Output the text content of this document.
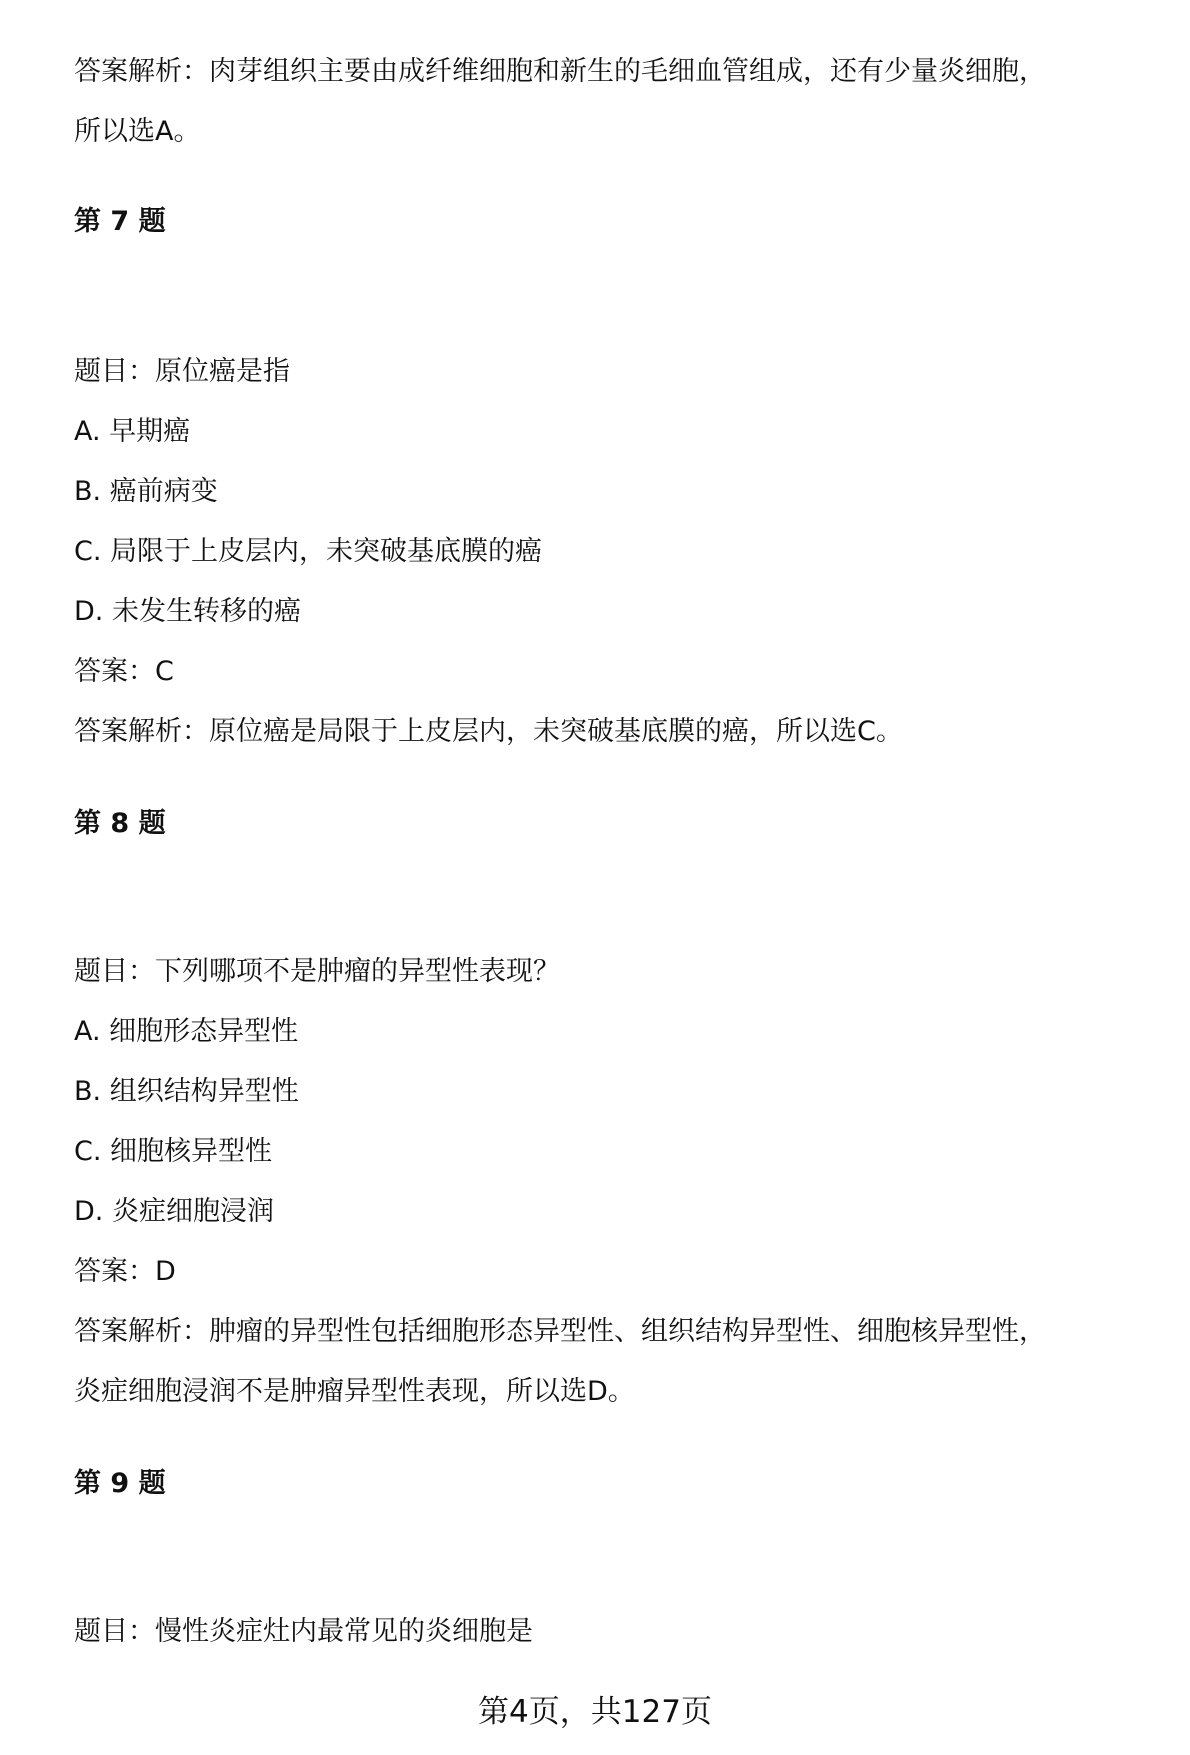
答案解析：肉芽组织主要由成纤维细胞和新生的毛细血管组成，还有少量炎细胞，
所以选A。
第 7 题
题目：原位癌是指
A. 早期癌
B. 癌前病变
C. 局限于上皮层内，未突破基底膜的癌
D. 未发生转移的癌
答案：C
答案解析：原位癌是局限于上皮层内，未突破基底膜的癌，所以选C。
第 8 题
题目：下列哪项不是肿瘤的异型性表现？
A. 细胞形态异型性
B. 组织结构异型性
C. 细胞核异型性
D. 炎症细胞浸润
答案：D
答案解析：肿瘤的异型性包括细胞形态异型性、组织结构异型性、细胞核异型性，
炎症细胞浸润不是肿瘤异型性表现，所以选D。
第 9 题
题目：慢性炎症灶内最常见的炎细胞是
第4页，共127页
